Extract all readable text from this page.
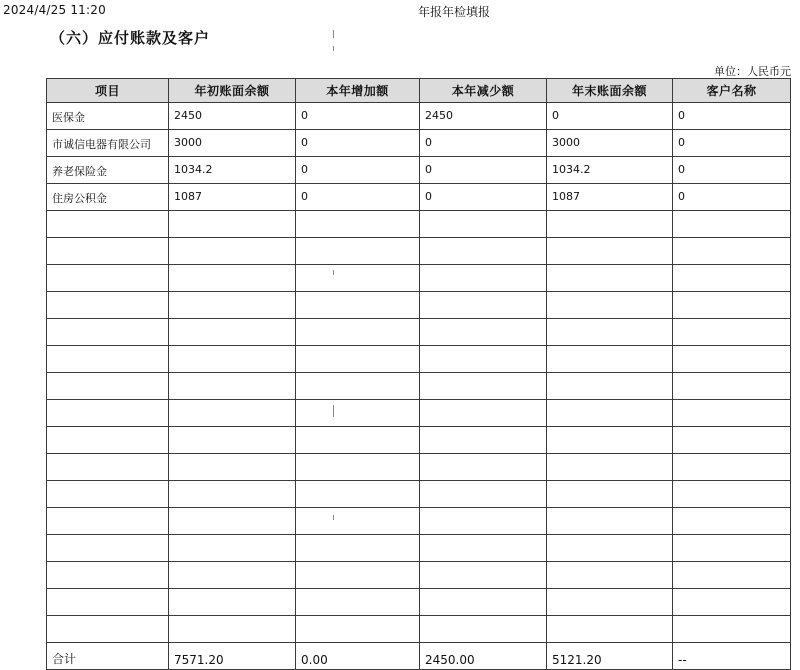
2024/4/25 11:20	年报年检填报
（六）应付账款及客户
单位：人民币元
项目	年初账面余额	本年增加额	本年减少额	年末账面余额	客户名称
医保金	2450	0	2450	0	0
市诚信电器有限公司	3000	0	0	3000	0
养老保险金	1034.2	0	0	1034.2	0
住房公积金	1087	0	0	1087	0

合计	7571.20	0.00	2450.00	5121.20	--
